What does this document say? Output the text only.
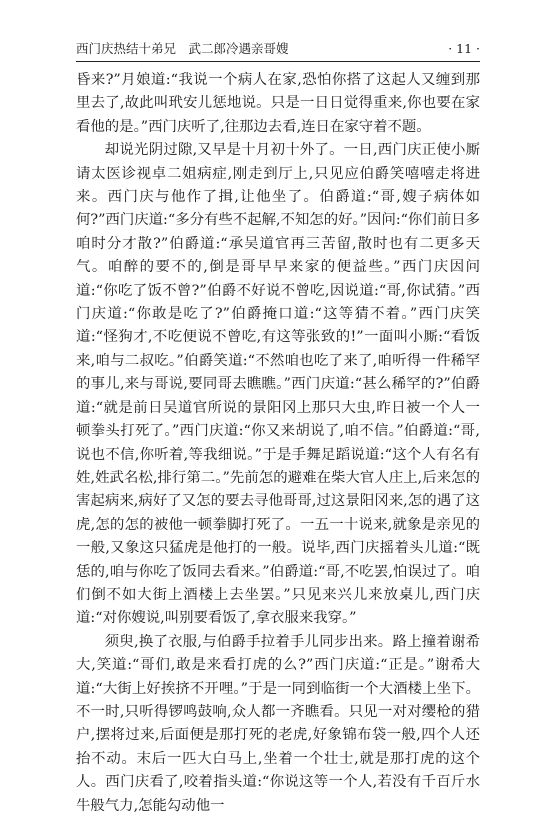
西门庆热结十弟兄　武二郎冷遇亲哥嫂	· 11 ·

昏来?”月娘道:“我说一个病人在家,恐怕你搭了这起人又缠到那里去了,故此叫玳安儿惩地说。只是一日日觉得重来,你也要在家看他的是。”西门庆听了,往那边去看,连日在家守着不题。

却说光阴过隙,又早是十月初十外了。一日,西门庆正使小厮请太医诊视卓二姐病症,刚走到厅上,只见应伯爵笑嘻嘻走将进来。西门庆与他作了揖,让他坐了。伯爵道:“哥,嫂子病体如何?”西门庆道:“多分有些不起解,不知怎的好。”因问:“你们前日多咱时分才散?”伯爵道:“承吴道官再三苦留,散时也有二更多天气。咱醉的要不的,倒是哥早早来家的便益些。”西门庆因问道:“你吃了饭不曾?”伯爵不好说不曾吃,因说道:“哥,你试猜。”西门庆道:“你敢是吃了?”伯爵掩口道:“这等猜不着。”西门庆笑道:“怪狗才,不吃便说不曾吃,有这等张致的!”一面叫小厮:“看饭来,咱与二叔吃。”伯爵笑道:“不然咱也吃了来了,咱听得一件稀罕的事儿,来与哥说,要同哥去瞧瞧。”西门庆道:“甚么稀罕的?”伯爵道:“就是前日吴道官所说的景阳冈上那只大虫,昨日被一个人一顿拳头打死了。”西门庆道:“你又来胡说了,咱不信。”伯爵道:“哥,说也不信,你听着,等我细说。”于是手舞足蹈说道:“这个人有名有姓,姓武名松,排行第二。”先前怎的避难在柴大官人庄上,后来怎的害起病来,病好了又怎的要去寻他哥哥,过这景阳冈来,怎的遇了这虎,怎的怎的被他一顿拳脚打死了。一五一十说来,就象是亲见的一般,又象这只猛虎是他打的一般。说毕,西门庆摇着头儿道:“既恁的,咱与你吃了饭同去看来。”伯爵道:“哥,不吃罢,怕误过了。咱们倒不如大街上酒楼上去坐罢。”只见来兴儿来放桌儿,西门庆道:“对你嫂说,叫别要看饭了,拿衣服来我穿。”

须臾,换了衣服,与伯爵手拉着手儿同步出来。路上撞着谢希大,笑道:“哥们,敢是来看打虎的么?”西门庆道:“正是。”谢希大道:“大街上好挨挤不开哩。”于是一同到临街一个大酒楼上坐下。不一时,只听得锣鸣鼓响,众人都一齐瞧看。只见一对对缨枪的猎户,摆将过来,后面便是那打死的老虎,好象锦布袋一般,四个人还抬不动。末后一匹大白马上,坐着一个壮士,就是那打虎的这个人。西门庆看了,咬着指头道:“你说这等一个人,若没有千百斤水牛般气力,怎能勾动他一
